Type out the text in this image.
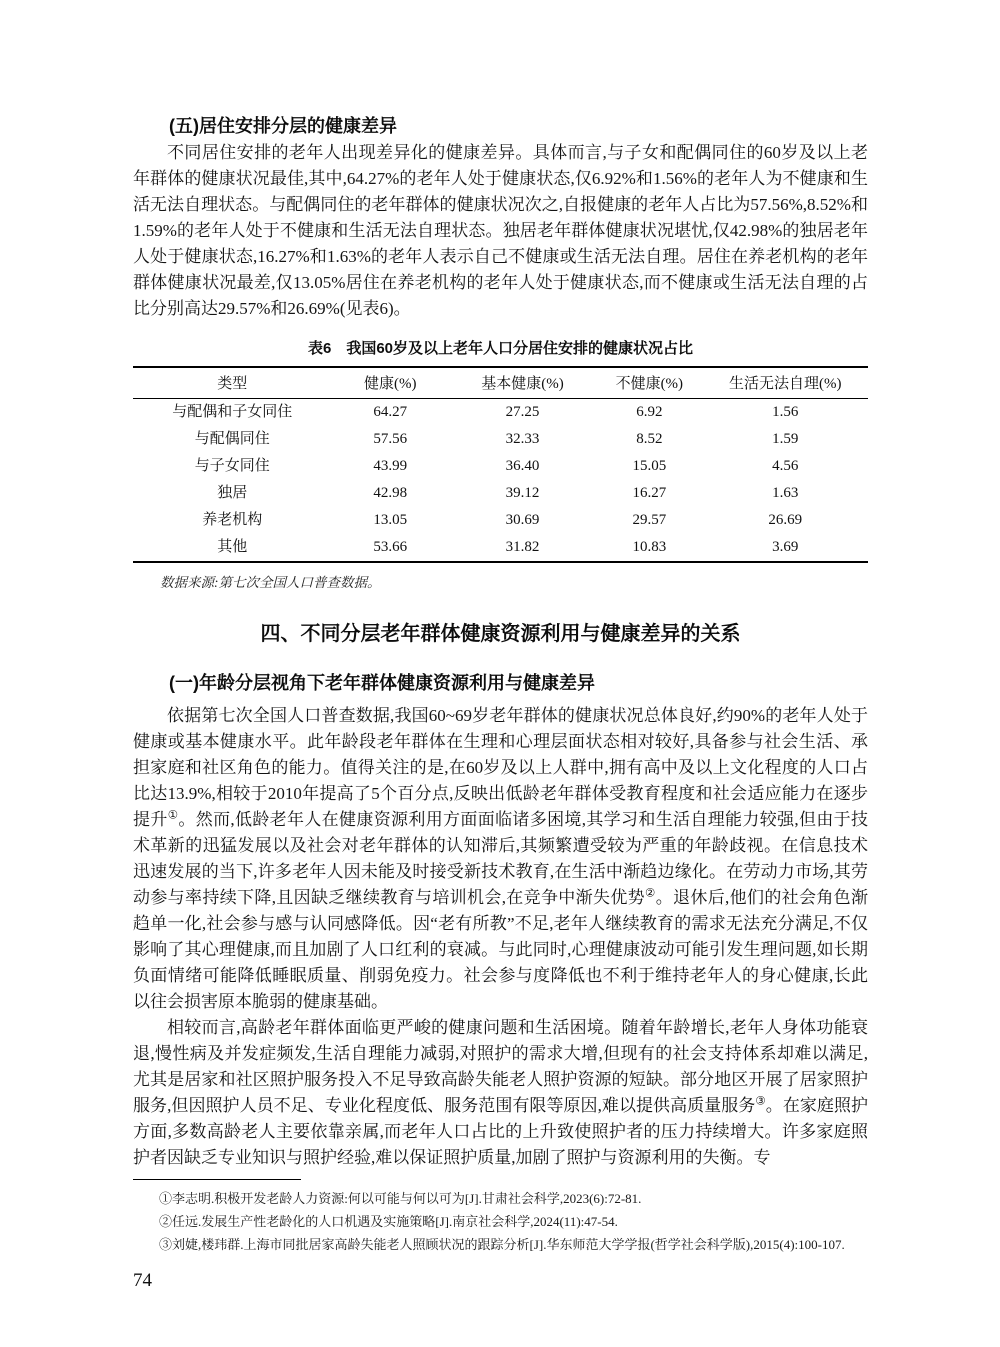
(五)居住安排分层的健康差异

不同居住安排的老年人出现差异化的健康差异。具体而言,与子女和配偶同住的60岁及以上老年群体的健康状况最佳,其中,64.27%的老年人处于健康状态,仅6.92%和1.56%的老年人为不健康和生活无法自理状态。与配偶同住的老年群体的健康状况次之,自报健康的老年人占比为57.56%,8.52%和1.59%的老年人处于不健康和生活无法自理状态。独居老年群体健康状况堪忧,仅42.98%的独居老年人处于健康状态,16.27%和1.63%的老年人表示自己不健康或生活无法自理。居住在养老机构的老年群体健康状况最差,仅13.05%居住在养老机构的老年人处于健康状态,而不健康或生活无法自理的占比分别高达29.57%和26.69%(见表6)。

表6　我国60岁及以上老年人口分居住安排的健康状况占比
类型	健康(%)	基本健康(%)	不健康(%)	生活无法自理(%)
与配偶和子女同住	64.27	27.25	6.92	1.56
与配偶同住	57.56	32.33	8.52	1.59
与子女同住	43.99	36.40	15.05	4.56
独居	42.98	39.12	16.27	1.63
养老机构	13.05	30.69	29.57	26.69
其他	53.66	31.82	10.83	3.69
数据来源:第七次全国人口普查数据。
四、不同分层老年群体健康资源利用与健康差异的关系
(一)年龄分层视角下老年群体健康资源利用与健康差异

依据第七次全国人口普查数据,我国60~69岁老年群体的健康状况总体良好,约90%的老年人处于健康或基本健康水平。此年龄段老年群体在生理和心理层面状态相对较好,具备参与社会生活、承担家庭和社区角色的能力。值得关注的是,在60岁及以上人群中,拥有高中及以上文化程度的人口占比达13.9%,相较于2010年提高了5个百分点,反映出低龄老年群体受教育程度和社会适应能力在逐步提升①。然而,低龄老年人在健康资源利用方面面临诸多困境,其学习和生活自理能力较强,但由于技术革新的迅猛发展以及社会对老年群体的认知滞后,其频繁遭受较为严重的年龄歧视。在信息技术迅速发展的当下,许多老年人因未能及时接受新技术教育,在生活中渐趋边缘化。在劳动力市场,其劳动参与率持续下降,且因缺乏继续教育与培训机会,在竞争中渐失优势②。退休后,他们的社会角色渐趋单一化,社会参与感与认同感降低。因“老有所教”不足,老年人继续教育的需求无法充分满足,不仅影响了其心理健康,而且加剧了人口红利的衰减。与此同时,心理健康波动可能引发生理问题,如长期负面情绪可能降低睡眠质量、削弱免疫力。社会参与度降低也不利于维持老年人的身心健康,长此以往会损害原本脆弱的健康基础。

相较而言,高龄老年群体面临更严峻的健康问题和生活困境。随着年龄增长,老年人身体功能衰退,慢性病及并发症频发,生活自理能力减弱,对照护的需求大增,但现有的社会支持体系却难以满足,尤其是居家和社区照护服务投入不足导致高龄失能老人照护资源的短缺。部分地区开展了居家照护服务,但因照护人员不足、专业化程度低、服务范围有限等原因,难以提供高质量服务③。在家庭照护方面,多数高龄老人主要依靠亲属,而老年人口占比的上升致使照护者的压力持续增大。许多家庭照护者因缺乏专业知识与照护经验,难以保证照护质量,加剧了照护与资源利用的失衡。专

①李志明.积极开发老龄人力资源:何以可能与何以可为[J].甘肃社会科学,2023(6):72-81.
②任远.发展生产性老龄化的人口机遇及实施策略[J].南京社会科学,2024(11):47-54.
③刘婕,楼玮群.上海市同批居家高龄失能老人照顾状况的跟踪分析[J].华东师范大学学报(哲学社会科学版),2015(4):100-107.
74
